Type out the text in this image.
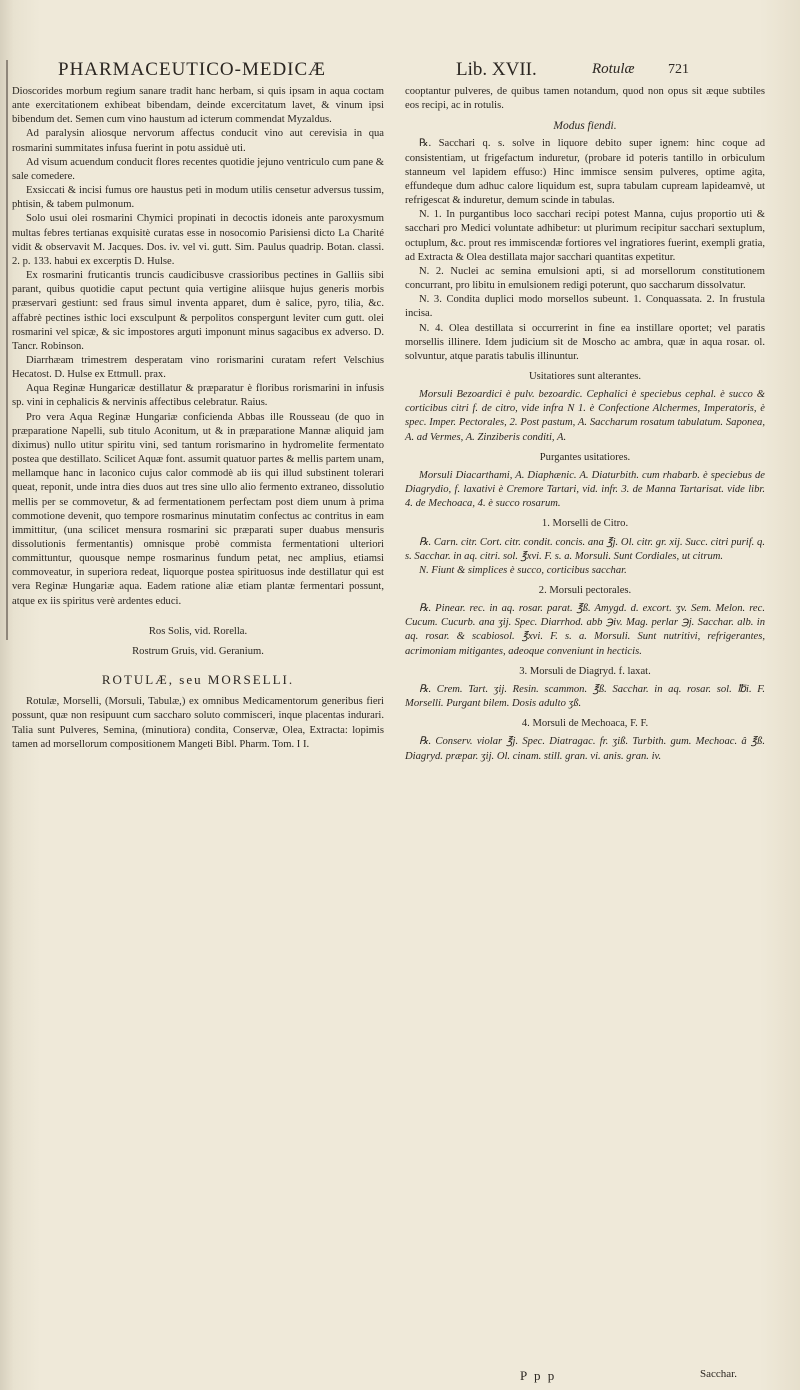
PHARMACEUTICO-MEDICÆ	Lib. XVII.	Rotulæ 721

Dioscorides morbum regium sanare tradit hanc herbam, si quis ipsam in aqua coctam ante exercitationem exhibeat bibendam, deinde excercitatum lavet, & vinum ipsi bibendum det. Semen cum vino haustum ad icterum commendat Myzaldus.

Ad paralysin aliosque nervorum affectus conducit vino aut cerevisia in qua rosmarini summitates infusa fuerint in potu assiduè uti.

Ad visum acuendum conducit flores recentes quotidie jejuno ventriculo cum pane & sale comedere.

Exsiccati & incisi fumus ore haustus peti in modum utilis censetur adversus tussim, phtisin, & tabem pulmonum.

Solo usui olei rosmarini Chymici propinati in decoctis idoneis ante paroxysmum multas febres tertianas exquisitè curatas esse in nosocomio Parisiensi dicto La Charité vidit & observavit M. Jacques. Dos. iv. vel vi. gutt. Sim. Paulus quadrip. Botan. classi. 2. p. 133. habui ex excerptis D. Hulse.

Ex rosmarini fruticantis truncis caudicibusve crassioribus pectines in Galliis sibi parant, quibus quotidie caput pectunt quia vertigine aliisque hujus generis morbis præservari gestiunt: sed fraus simul inventa apparet, dum è salice, pyro, tilia, &c. affabrè pectines isthic loci exsculpunt & perpolitos conspergunt leviter cum gutt. olei rosmarini vel spicæ, & sic impostores arguti imponunt minus sagacibus ex adverso. D. Tancr. Robinson.

Diarrhæam trimestrem desperatam vino rorismarini curatam refert Velschius Hecatost. D. Hulse ex Ettmull. prax.

Aqua Reginæ Hungaricæ destillatur & præparatur è floribus rorismarini in infusis sp. vini in cephalicis & nervinis affectibus celebratur. Raius.

Pro vera Aqua Reginæ Hungariæ conficienda Abbas ille Rousseau (de quo in præparatione Napelli, sub titulo Aconitum, ut & in præparatione Mannæ aliquid jam diximus) nullo utitur spiritu vini, sed tantum rorismarino in hydromelite fermentato postea que destillato. Scilicet Aquæ font. assumit quatuor partes & mellis partem unam, mellamque hanc in laconico cujus calor commodè ab iis qui illud substinent tolerari queat, reponit, unde intra dies duos aut tres sine ullo alio fermento extraneo, dissolutio mellis per se commovetur, & ad fermentationem perfectam post diem unum à prima commotione devenit, quo tempore rosmarinus minutatim confectus ac contritus in eam immittitur, (una scilicet mensura rosmarini sic præparati super duabus mensuris dissolutionis fermentantis) omnisque probè commista fermentationi ulteriori committuntur, quousque nempe rosmarinus fundum petat, nec amplius, etiamsi commoveatur, in superiora redeat, liquorque postea spirituosus inde destillatur qui est vera Reginæ Hungariæ aqua. Eadem ratione aliæ etiam plantæ fermentari possunt, atque ex iis spiritus verè ardentes educi.

Ros Solis, vid. Rorella.

Rostrum Gruis, vid. Geranium.

ROTULÆ, seu MORSELLI.

Rotulæ, Morselli, (Morsuli, Tabulæ,) ex omnibus Medicamentorum generibus fieri possunt, quæ non resipuunt cum saccharo soluto commisceri, inque placentas indurari. Talia sunt Pulveres, Semina, (minutiora) condita, Conservæ, Olea, Extracta: lopimis tamen ad morsellorum compositionem Mangeti Bibl. Pharm. Tom. I I.

cooptantur pulveres, de quibus tamen notandum, quod non opus sit æque subtiles eos recipi, ac in rotulis.

Modus fiendi.

℞. Sacchari q. s. solve in liquore debito super ignem: hinc coque ad consistentiam, ut frigefactum induretur, (probare id poteris tantillo in orbiculum stanneum vel lapidem effuso:) Hinc immisce sensim pulveres, optime agita, effundeque dum adhuc calore liquidum est, supra tabulam cupream lapideamvè, ut refrigescat & induretur, demum scinde in tabulas.

N. 1. In purgantibus loco sacchari recipi potest Manna, cujus proportio uti & sacchari pro Medici voluntate adhibetur: ut plurimum recipitur sacchari sextuplum, octuplum, &c. prout res immiscendæ fortiores vel ingratiores fuerint, exempli gratia, ad Extracta & Olea destillata major sacchari quantitas expetitur.

N. 2. Nuclei ac semina emulsioni apti, si ad morsellorum constitutionem concurrant, pro libitu in emulsionem redigi poterunt, quo saccharum dissolvatur.

N. 3. Condita duplici modo morsellos subeunt. 1. Conquassata. 2. In frustula incisa.

N. 4. Olea destillata si occurrerint in fine ea instillare oportet; vel paratis morsellis illinere. Idem judicium sit de Moscho ac ambra, quæ in aqua rosar. ol. solvuntur, atque paratis tabulis illinuntur.

Usitatiores sunt alterantes.

Morsuli Bezoardici è pulv. bezoardic. Cephalici è speciebus cephal. è succo & corticibus citri f. de citro, vide infra N 1. è Confectione Alchermes, Imperatoris, è spec. Imper. Pectorales, 2. Post pastum, A. Saccharum rosatum tabulatum. Saponea, A. ad Vermes, A. Zinziberis conditi, A.

Purgantes usitatiores.

Morsuli Diacarthami, A. Diaphænic. A. Diaturbith. cum rhabarb. è speciebus de Diagrydio, f. laxativi è Cremore Tartari, vid. infr. 3. de Manna Tartarisat. vide libr. 4. de Mechoaca, 4. è succo rosarum.

1. Morselli de Citro.

℞. Carn. citr. Cort. citr. condit. concis. ana ℥j. Ol. citr. gr. xij. Succ. citri purif. q. s. Sacchar. in aq. citri. sol. ℥xvi. F. s. a. Morsuli. Sunt Cordiales, ut citrum.

N. Fiunt & simplices è succo, corticibus sacchar.

2. Morsuli pectorales.

℞. Pinear. rec. in aq. rosar. parat. ℥ß. Amygd. d. excort. ʒv. Sem. Melon. rec. Cucum. Cucurb. ana ʒij. Spec. Diarrhod. abb ℈iv. Mag. perlar ℈j. Sacchar. alb. in aq. rosar. & scabiosol. ℥xvi. F. s. a. Morsuli. Sunt nutritivi, refrigerantes, acrimoniam mitigantes, adeoque conveniunt in hecticis.

3. Morsuli de Diagryd. f. laxat.

℞. Crem. Tart. ʒij. Resin. scammon. ℥ß. Sacchar. in aq. rosar. sol. ℔i. F. Morselli. Purgant bilem. Dosis adulto ʒß.

4. Morsuli de Mechoaca, F. F.

℞. Conserv. violar ℥j. Spec. Diatragac. fr. ʒiß. Turbith. gum. Mechoac. â ℥ß. Diagryd. præpar. ʒij. Ol. cinam. still. gran. vi. anis. gran. iv.

P p p	Sacchar.
